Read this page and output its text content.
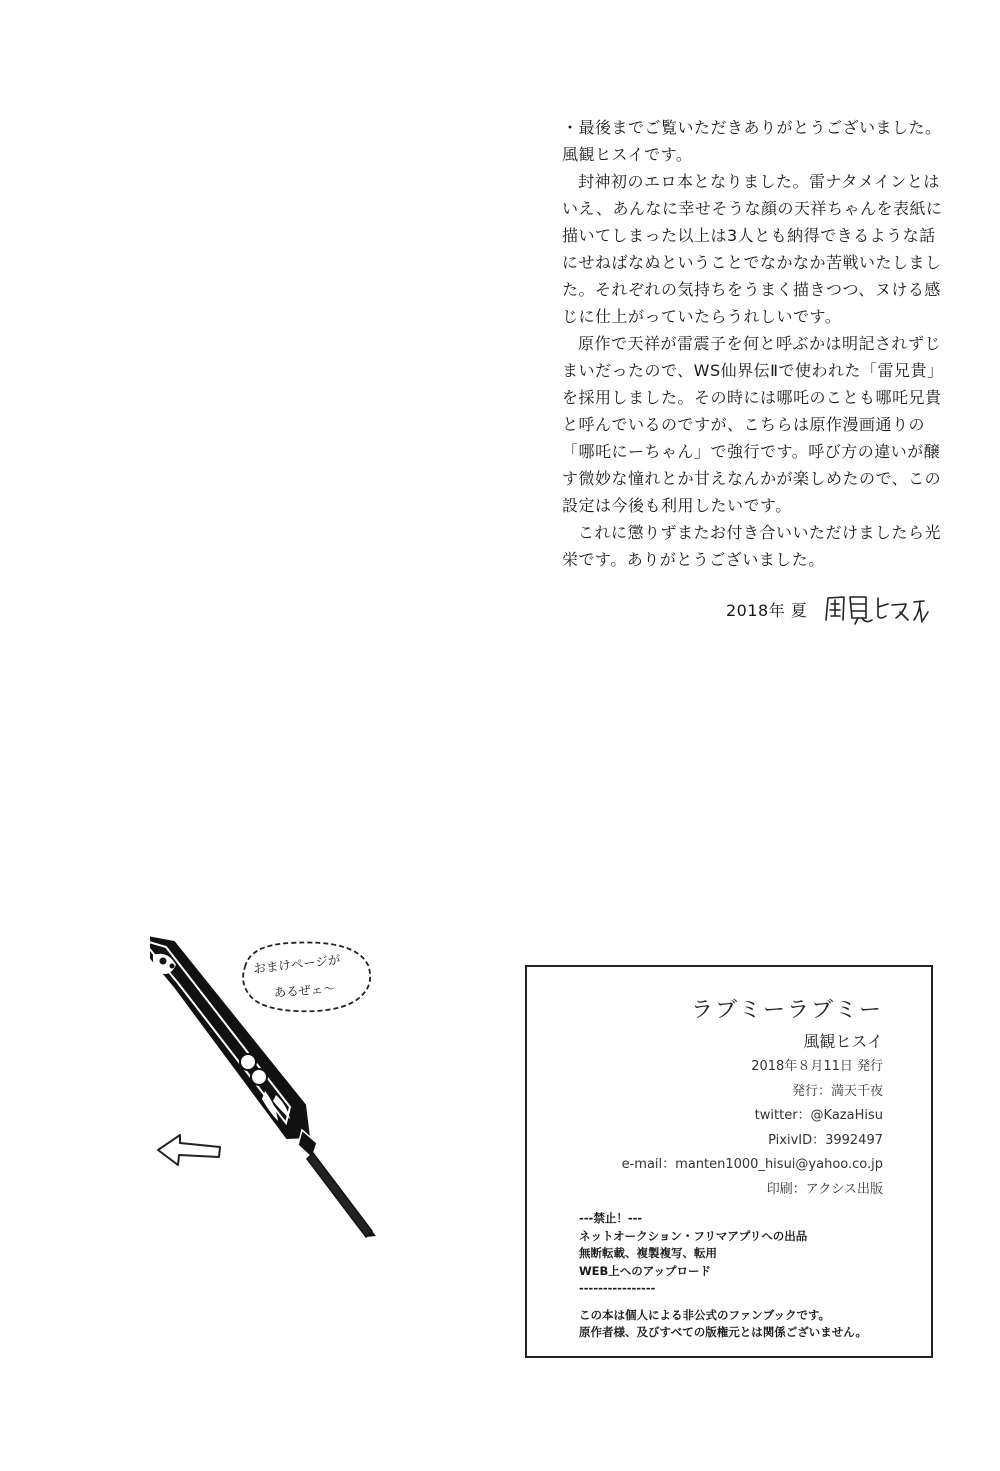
・最後までご覧いただきありがとうございました。

風観ヒスイです。

封神初のエロ本となりました。雷ナタメインとはいえ、あんなに幸せそうな顔の天祥ちゃんを表紙に描いてしまった以上は3人とも納得できるような話にせねばなぬということでなかなか苦戦いたしました。それぞれの気持ちをうまく描きつつ、ヌける感じに仕上がっていたらうれしいです。

原作で天祥が雷震子を何と呼ぶかは明記されずじまいだったので、WS仙界伝Ⅱで使われた「雷兄貴」を採用しました。その時には哪吒のことも哪吒兄貴と呼んでいるのですが、こちらは原作漫画通りの「哪吒にーちゃん」で強行です。呼び方の違いが醸す微妙な憧れとか甘えなんかが楽しめたので、この設定は今後も利用したいです。

これに懲りずまたお付き合いいただけましたら光栄です。ありがとうございました。

2018年 夏
おまけページが
あるぜェ〜
ラブミーラブミー
風観ヒスイ
2018年８月11日 発行
発行：満天千夜
twitter：@KazaHisu
PixivID：3992497
e-mail：manten1000_hisui@yahoo.co.jp
印刷：アクシス出版
---禁止！---
ネットオークション・フリマアプリへの出品
無断転載、複製複写、転用
WEB上へのアップロード
----------------
この本は個人による非公式のファンブックです。
原作者様、及びすべての版権元とは関係ございません。
